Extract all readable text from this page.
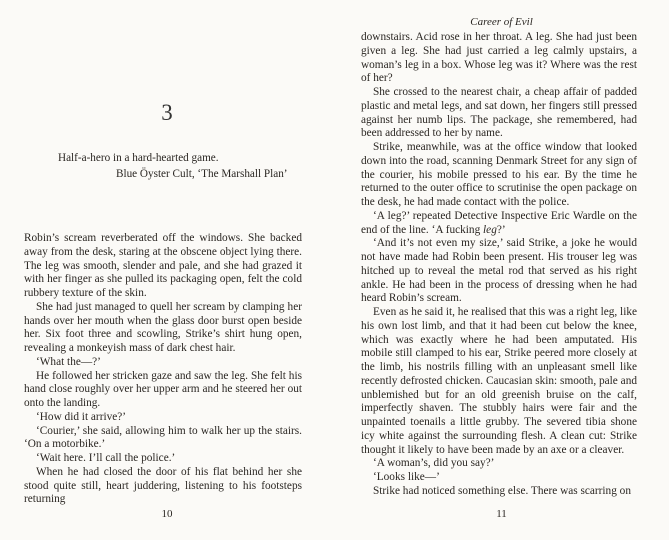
3
Half-a-hero in a hard-hearted game.
Blue Öyster Cult, ‘The Marshall Plan’

Robin’s scream reverberated off the windows. She backed away from the desk, staring at the obscene object lying there. The leg was smooth, slender and pale, and she had grazed it with her finger as she pulled its packaging open, felt the cold rubbery texture of the skin.

She had just managed to quell her scream by clamping her hands over her mouth when the glass door burst open beside her. Six foot three and scowling, Strike’s shirt hung open, revealing a monkeyish mass of dark chest hair.

‘What the—?’

He followed her stricken gaze and saw the leg. She felt his hand close roughly over her upper arm and he steered her out onto the landing.

‘How did it arrive?’

‘Courier,’ she said, allowing him to walk her up the stairs. ‘On a motorbike.’

‘Wait here. I’ll call the police.’

When he had closed the door of his flat behind her she stood quite still, heart juddering, listening to his footsteps returning

10
Career of Evil

downstairs. Acid rose in her throat. A leg. She had just been given a leg. She had just carried a leg calmly upstairs, a woman’s leg in a box. Whose leg was it? Where was the rest of her?

She crossed to the nearest chair, a cheap affair of padded plastic and metal legs, and sat down, her fingers still pressed against her numb lips. The package, she remembered, had been addressed to her by name.

Strike, meanwhile, was at the office window that looked down into the road, scanning Denmark Street for any sign of the courier, his mobile pressed to his ear. By the time he returned to the outer office to scrutinise the open package on the desk, he had made contact with the police.

‘A leg?’ repeated Detective Inspective Eric Wardle on the end of the line. ‘A fucking leg?’

‘And it’s not even my size,’ said Strike, a joke he would not have made had Robin been present. His trouser leg was hitched up to reveal the metal rod that served as his right ankle. He had been in the process of dressing when he had heard Robin’s scream.

Even as he said it, he realised that this was a right leg, like his own lost limb, and that it had been cut below the knee, which was exactly where he had been amputated. His mobile still clamped to his ear, Strike peered more closely at the limb, his nostrils filling with an unpleasant smell like recently defrosted chicken. Caucasian skin: smooth, pale and unblemished but for an old greenish bruise on the calf, imperfectly shaven. The stubbly hairs were fair and the unpainted toenails a little grubby. The severed tibia shone icy white against the surrounding flesh. A clean cut: Strike thought it likely to have been made by an axe or a cleaver.

‘A woman’s, did you say?’

‘Looks like—’

Strike had noticed something else. There was scarring on

11
